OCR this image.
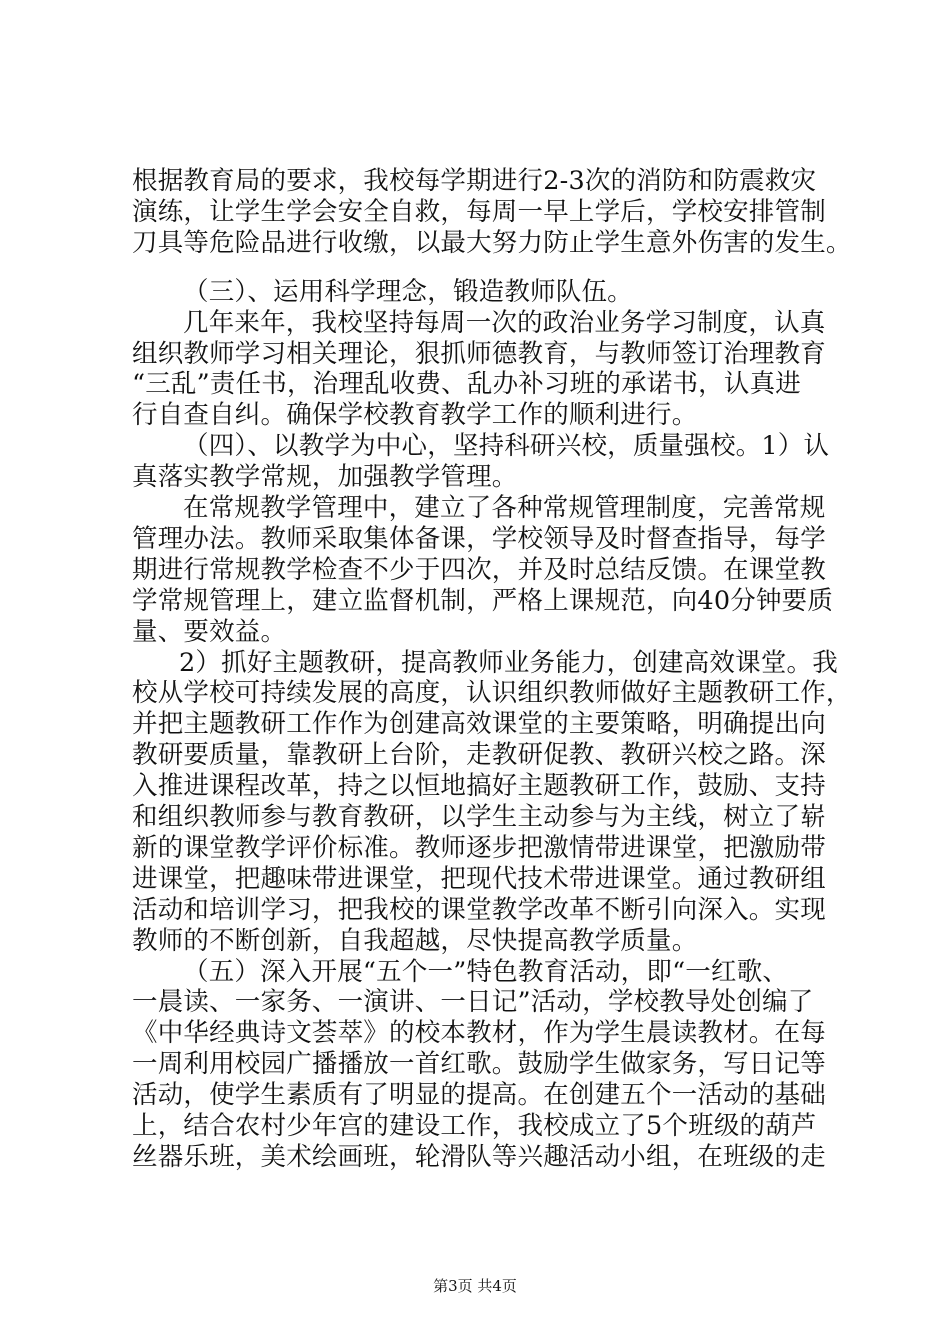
根据教育局的要求，我校每学期进行2-3次的消防和防震救灾
演练，让学生学会安全自救，每周一早上学后，学校安排管制
刀具等危险品进行收缴，以最大努力防止学生意外伤害的发生。
（三）、运用科学理念，锻造教师队伍。
几年来年，我校坚持每周一次的政治业务学习制度，认真
组织教师学习相关理论，狠抓师德教育，与教师签订治理教育
“三乱”责任书，治理乱收费、乱办补习班的承诺书，认真进
行自查自纠。确保学校教育教学工作的顺利进行。
（四）、以教学为中心，坚持科研兴校，质量强校。1）认
真落实教学常规，加强教学管理。
在常规教学管理中，建立了各种常规管理制度，完善常规
管理办法。教师采取集体备课，学校领导及时督查指导，每学
期进行常规教学检查不少于四次，并及时总结反馈。在课堂教
学常规管理上，建立监督机制，严格上课规范，向40分钟要质
量、要效益。
2）抓好主题教研，提高教师业务能力，创建高效课堂。我
校从学校可持续发展的高度，认识组织教师做好主题教研工作，
并把主题教研工作作为创建高效课堂的主要策略，明确提出向
教研要质量，靠教研上台阶，走教研促教、教研兴校之路。深
入推进课程改革，持之以恒地搞好主题教研工作，鼓励、支持
和组织教师参与教育教研，以学生主动参与为主线，树立了崭
新的课堂教学评价标准。教师逐步把激情带进课堂，把激励带
进课堂，把趣味带进课堂，把现代技术带进课堂。通过教研组
活动和培训学习，把我校的课堂教学改革不断引向深入。实现
教师的不断创新，自我超越，尽快提高教学质量。
（五）深入开展“五个一”特色教育活动，即“一红歌、
一晨读、一家务、一演讲、一日记”活动，学校教导处创编了
《中华经典诗文荟萃》的校本教材，作为学生晨读教材。在每
一周利用校园广播播放一首红歌。鼓励学生做家务，写日记等
活动，使学生素质有了明显的提高。在创建五个一活动的基础
上，结合农村少年宫的建设工作，我校成立了5个班级的葫芦
丝器乐班，美术绘画班，轮滑队等兴趣活动小组，在班级的走
第3页 共4页
